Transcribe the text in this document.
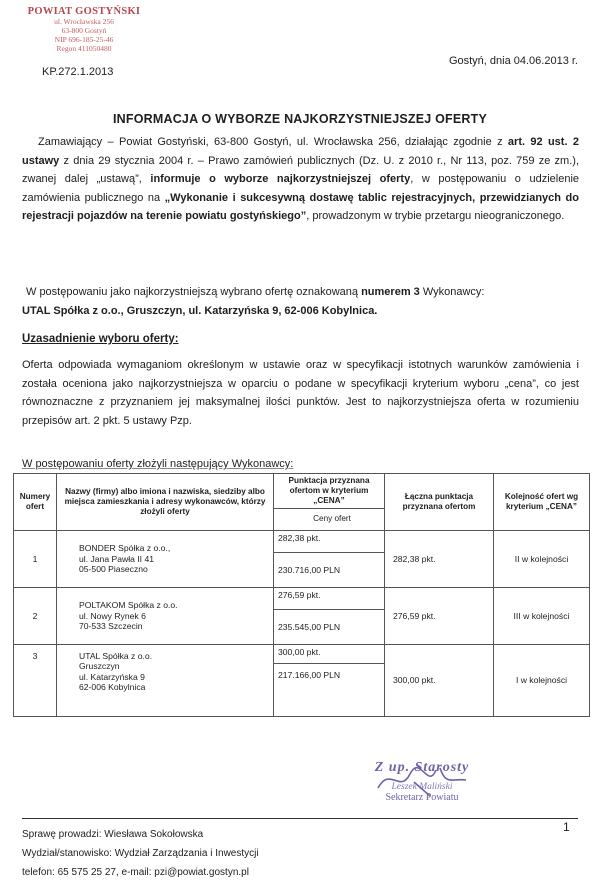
POWIAT GOSTYŃSKI
ul. Wrocławska 256
63-800 Gostyń
NIP 696-185-25-46
Regon 411050480
KP.272.1.2013
Gostyń, dnia 04.06.2013 r.
INFORMACJA O WYBORZE NAJKORZYSTNIEJSZEJ OFERTY
Zamawiający – Powiat Gostyński, 63-800 Gostyń, ul. Wrocławska 256, działając zgodnie z art. 92 ust. 2 ustawy z dnia 29 stycznia 2004 r. – Prawo zamówień publicznych (Dz. U. z 2010 r., Nr 113, poz. 759 ze zm.), zwanej dalej „ustawą”, informuje o wyborze najkorzystniejszej oferty, w postępowaniu o udzielenie zamówienia publicznego na „Wykonanie i sukcesywną dostawę tablic rejestracyjnych, przewidzianych do rejestracji pojazdów na terenie powiatu gostyńskiego”, prowadzonym w trybie przetargu nieograniczonego.
W postępowaniu jako najkorzystniejszą wybrano ofertę oznakowaną numerem 3 Wykonawcy:
UTAL Spółka z o.o., Gruszczyn, ul. Katarzyńska 9, 62-006 Kobylnica.
Uzasadnienie wyboru oferty:
Oferta odpowiada wymaganiom określonym w ustawie oraz w specyfikacji istotnych warunków zamówienia i została oceniona jako najkorzystniejsza w oparciu o podane w specyfikacji kryterium wyboru „cena”, co jest równoznaczne z przyznaniem jej maksymalnej ilości punktów. Jest to najkorzystniejsza oferta w rozumieniu przepisów art. 2 pkt. 5 ustawy Pzp.
W postępowaniu oferty złożyli następujący Wykonawcy:
Numery ofert	Nazwy (firmy) albo imiona i nazwiska, siedziby albo miejsca zamieszkania i adresy wykonawców, którzy złożyli oferty	Punktacja przyznana ofertom w kryterium „CENA”	Łączna punktacja przyznana ofertom	Kolejność ofert wg kryterium „CENA”
		Ceny ofert		
1	BONDER Spółka z o.o.,
ul. Jana Pawła II 41
05-500 Piaseczno	282,38 pkt.	282,38 pkt.	II w kolejności
		230.716,00 PLN		
2	POLTAKOM Spółka z o.o.
ul. Nowy Rynek 6
70-533 Szczecin	276,59 pkt.	276,59 pkt.	III w kolejności
		235.545,00 PLN		
3	UTAL Spółka z o.o.
Gruszczyn
ul. Katarzyńska 9
62-006 Kobylnica	300,00 pkt.	300,00 pkt.	I w kolejności
		217.166,00 PLN		
Z up. Starosty
Leszek Maliński
Sekretarz Powiatu
1
Sprawę prowadzi: Wiesława Sokołowska
Wydział/stanowisko: Wydział Zarządzania i Inwestycji
telefon: 65 575 25 27, e-mail: pzi@powiat.gostyn.pl
